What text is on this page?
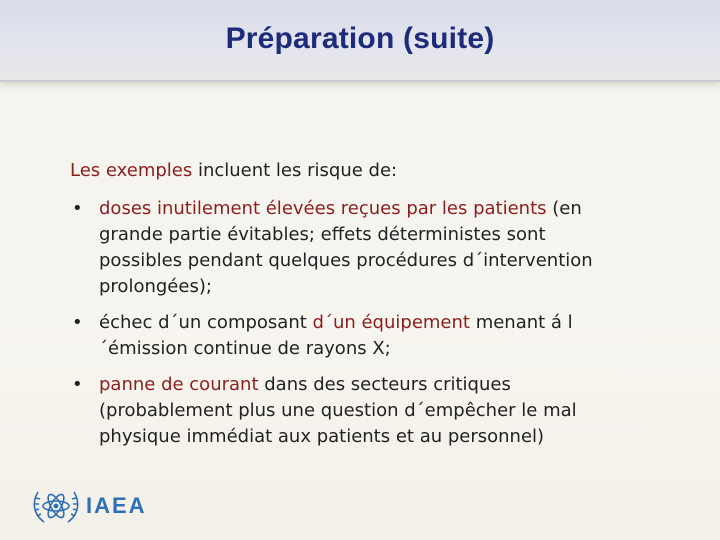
Préparation (suite)

Les exemples incluent les risque de:

• doses inutilement élevées reçues par les patients (en grande partie évitables; effets déterministes sont possibles pendant quelques procédures d´intervention prolongées);
• échec d´un composant d´un équipement menant á l´émission continue de rayons X;
• panne de courant dans des secteurs critiques (probablement plus une question d´empêcher le mal physique immédiat aux patients et au personnel)
IAEA
